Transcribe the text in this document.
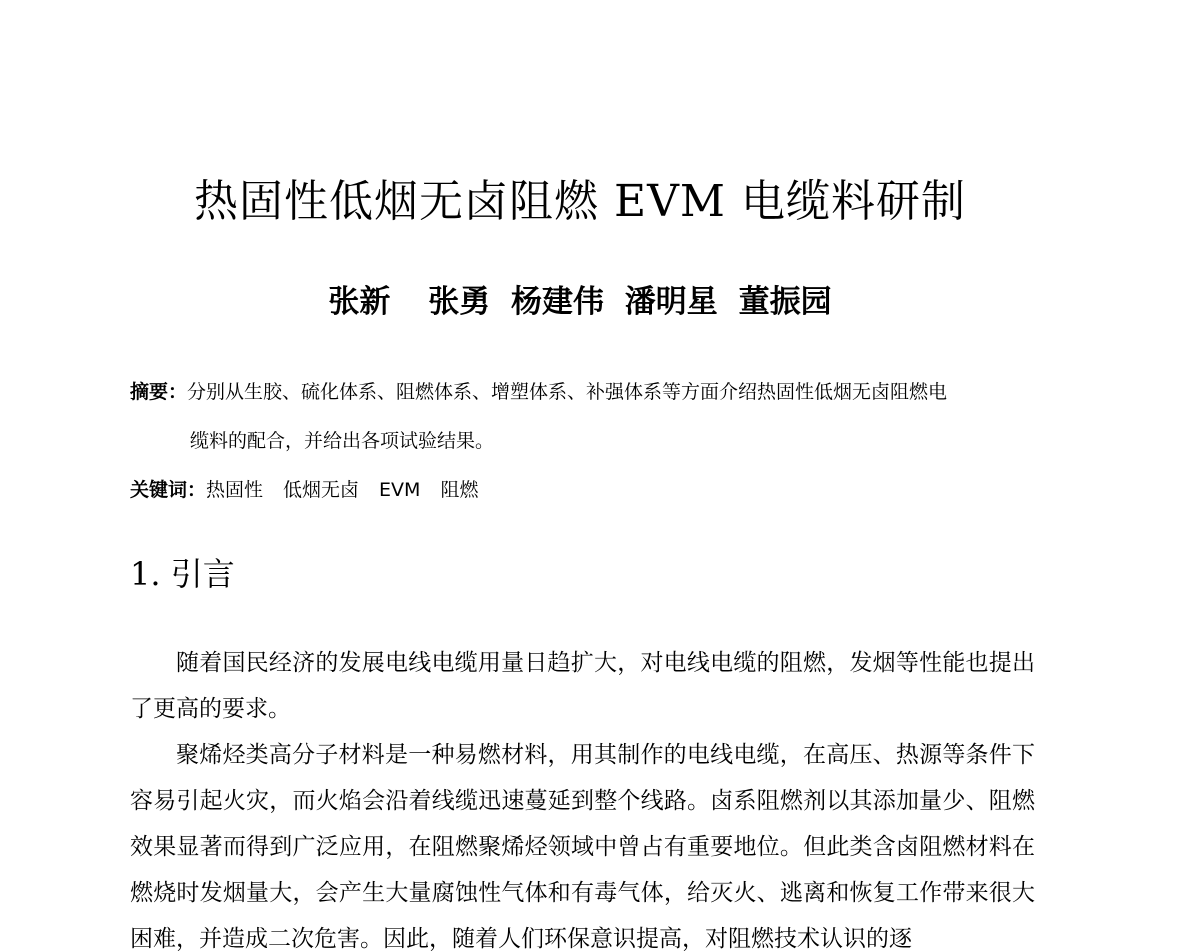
热固性低烟无卤阻燃 EVM 电缆料研制
张新 张勇 杨建伟 潘明星 董振园
摘要：分别从生胶、硫化体系、阻燃体系、增塑体系、补强体系等方面介绍热固性低烟无卤阻燃电
缆料的配合，并给出各项试验结果。
关键词：热固性 低烟无卤 EVM 阻燃
1. 引言

随着国民经济的发展电线电缆用量日趋扩大，对电线电缆的阻燃，发烟等性能也提出了更高的要求。

聚烯烃类高分子材料是一种易燃材料，用其制作的电线电缆，在高压、热源等条件下容易引起火灾，而火焰会沿着线缆迅速蔓延到整个线路。卤系阻燃剂以其添加量少、阻燃效果显著而得到广泛应用，在阻燃聚烯烃领域中曾占有重要地位。但此类含卤阻燃材料在燃烧时发烟量大，会产生大量腐蚀性气体和有毒气体，给灭火、逃离和恢复工作带来很大困难，并造成二次危害。因此，随着人们环保意识提高，对阻燃技术认识的逐
